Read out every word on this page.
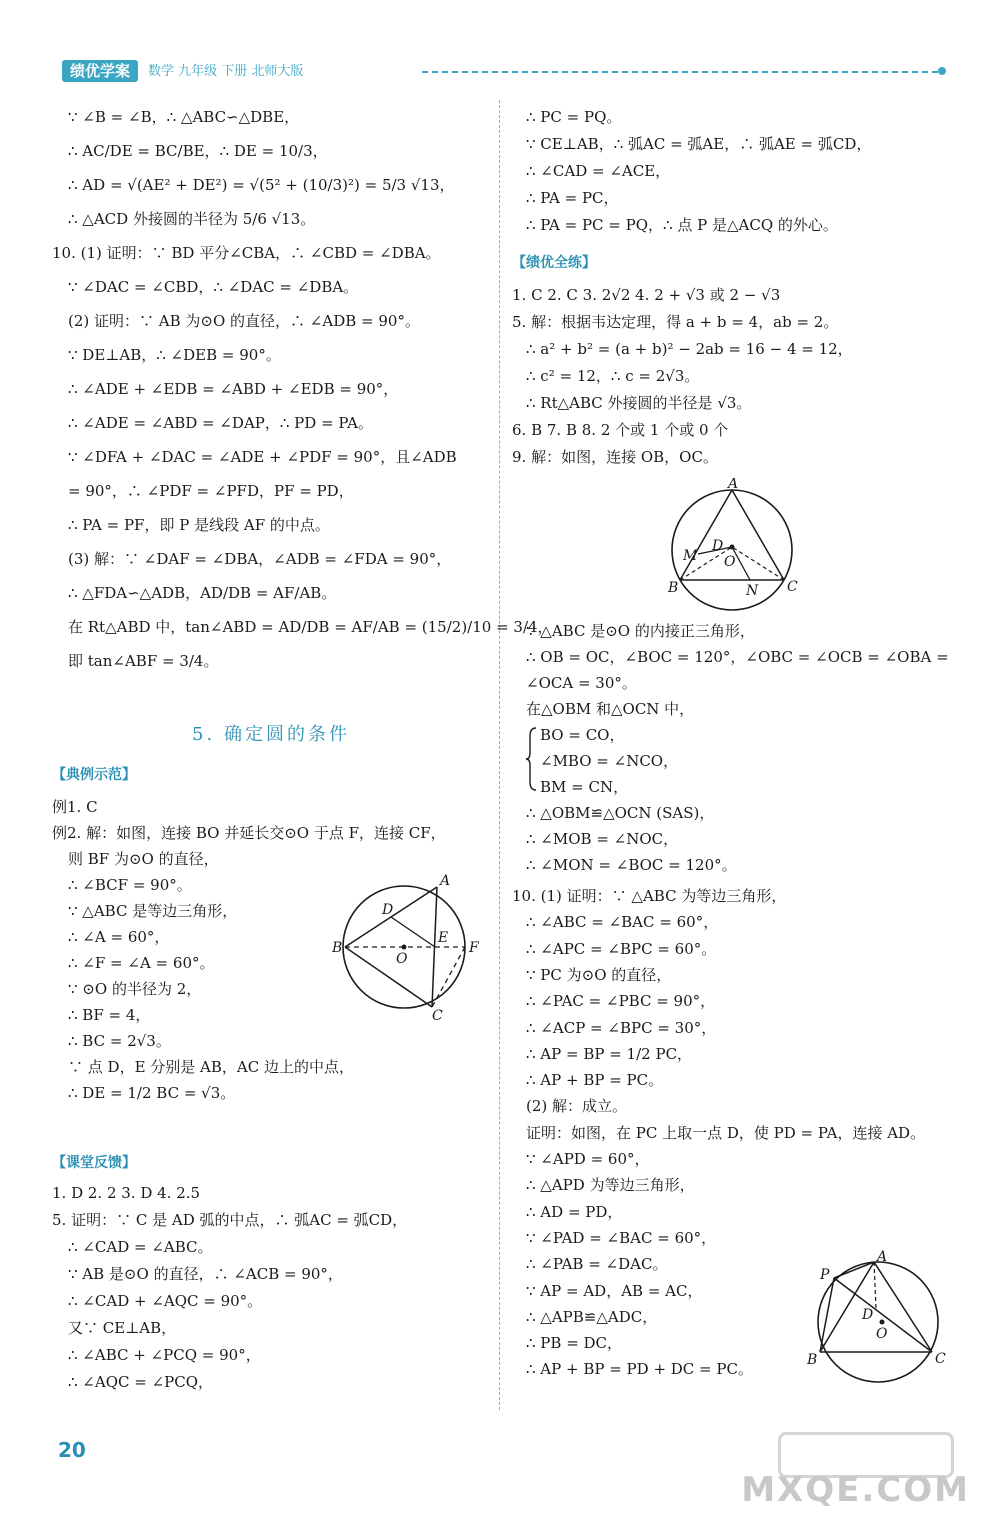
绩优学案	数学 九年级 下册 北师大版
∵ ∠B = ∠B，∴ △ABC∽△DBE，
∴ AC/DE = BC/BE，∴ DE = 10/3，
∴ AD = √(AE² + DE²) = √(5² + (10/3)²) = 5/3 √13，
∴ △ACD 外接圆的半径为 5/6 √13。
10. (1) 证明：∵ BD 平分∠CBA，∴ ∠CBD = ∠DBA。
∵ ∠DAC = ∠CBD，∴ ∠DAC = ∠DBA。
(2) 证明：∵ AB 为⊙O 的直径，∴ ∠ADB = 90°。
∵ DE⊥AB，∴ ∠DEB = 90°。
∴ ∠ADE + ∠EDB = ∠ABD + ∠EDB = 90°，
∴ ∠ADE = ∠ABD = ∠DAP，∴ PD = PA。
∵ ∠DFA + ∠DAC = ∠ADE + ∠PDF = 90°，且∠ADB
= 90°，∴ ∠PDF = ∠PFD，PF = PD，
∴ PA = PF，即 P 是线段 AF 的中点。
(3) 解：∵ ∠DAF = ∠DBA，∠ADB = ∠FDA = 90°，
∴ △FDA∽△ADB，AD/DB = AF/AB。
在 Rt△ABD 中，tan∠ABD = AD/DB = AF/AB = (15/2)/10 = 3/4，
即 tan∠ABF = 3/4。
5. 确定圆的条件
【典例示范】
例1. C
例2. 解：如图，连接 BO 并延长交⊙O 于点 F，连接 CF，
则 BF 为⊙O 的直径，
∴ ∠BCF = 90°。
∵ △ABC 是等边三角形，
∴ ∠A = 60°，
∴ ∠F = ∠A = 60°。
∵ ⊙O 的半径为 2，
∴ BF = 4，
∴ BC = 2√3。
∵ 点 D，E 分别是 AB，AC 边上的中点，
∴ DE = 1/2 BC = √3。
【课堂反馈】
1. D 2. 2 3. D 4. 2.5
5. 证明：∵ C 是 AD 弧的中点，∴ 弧AC = 弧CD，
∴ ∠CAD = ∠ABC。
∵ AB 是⊙O 的直径，∴ ∠ACB = 90°，
∴ ∠CAD + ∠AQC = 90°。
又∵ CE⊥AB，
∴ ∠ABC + ∠PCQ = 90°，
∴ ∠AQC = ∠PCQ，
A
B
C
D
E
F
O
∴ PC = PQ。
∵ CE⊥AB，∴ 弧AC = 弧AE，∴ 弧AE = 弧CD，
∴ ∠CAD = ∠ACE，
∴ PA = PC，
∴ PA = PC = PQ，∴ 点 P 是△ACQ 的外心。
【绩优全练】
1. C 2. C 3. 2√2 4. 2 + √3 或 2 − √3
5. 解：根据韦达定理，得 a + b = 4，ab = 2。
∴ a² + b² = (a + b)² − 2ab = 16 − 4 = 12，
∴ c² = 12，∴ c = 2√3。
∴ Rt△ABC 外接圆的半径是 √3。
6. B 7. B 8. 2 个或 1 个或 0 个
9. 解：如图，连接 OB，OC。
∵ △ABC 是⊙O 的内接正三角形，
∴ OB = OC，∠BOC = 120°，∠OBC = ∠OCB = ∠OBA =
∠OCA = 30°。
在△OBM 和△OCN 中，
BO = CO，
∠MBO = ∠NCO，
BM = CN，
∴ △OBM≌△OCN (SAS)，
∴ ∠MOB = ∠NOC，
∴ ∠MON = ∠BOC = 120°。
10. (1) 证明：∵ △ABC 为等边三角形，
∴ ∠ABC = ∠BAC = 60°，
∴ ∠APC = ∠BPC = 60°。
∵ PC 为⊙O 的直径，
∴ ∠PAC = ∠PBC = 90°，
∴ ∠ACP = ∠BPC = 30°，
∴ AP = BP = 1/2 PC，
∴ AP + BP = PC。
(2) 解：成立。
证明：如图，在 PC 上取一点 D，使 PD = PA，连接 AD。
∵ ∠APD = 60°，
∴ △APD 为等边三角形，
∴ AD = PD，
∵ ∠PAD = ∠BAC = 60°，
∴ ∠PAB = ∠DAC。
∵ AP = AD，AB = AC，
∴ △APB≌△ADC，
∴ PB = DC，
∴ AP + BP = PD + DC = PC。
A
B	C
D
M
N
O
A
B	C
D
P
O
20
MXQE.COM
